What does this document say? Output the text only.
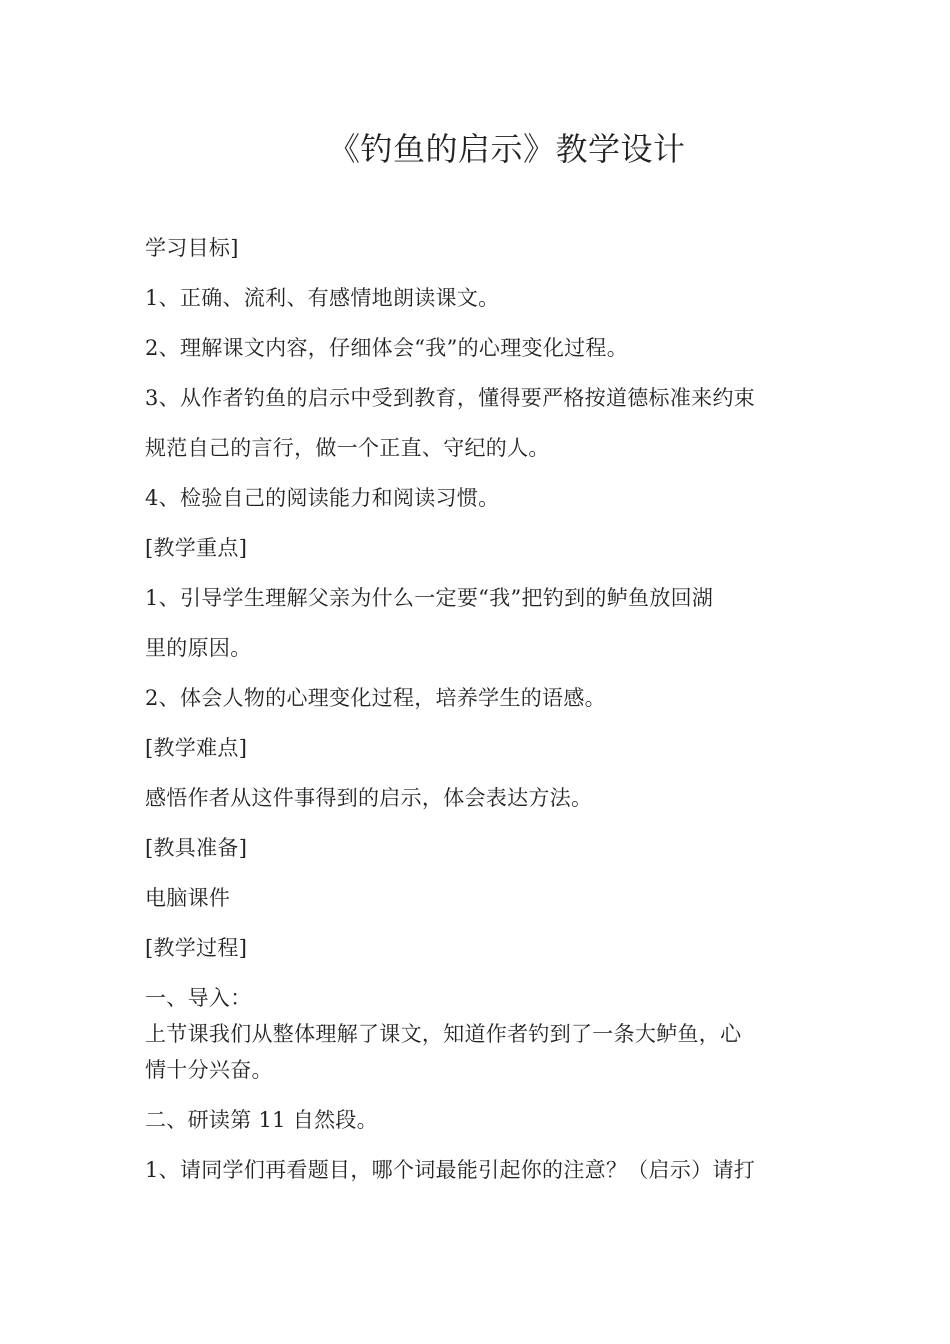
《钓鱼的启示》教学设计
学习目标]
1、正确、流利、有感情地朗读课文。
2、理解课文内容，仔细体会“我”的心理变化过程。
3、从作者钓鱼的启示中受到教育，懂得要严格按道德标准来约束
规范自己的言行，做一个正直、守纪的人。
4、检验自己的阅读能力和阅读习惯。
[教学重点]
1、引导学生理解父亲为什么一定要“我”把钓到的鲈鱼放回湖
里的原因。
2、体会人物的心理变化过程，培养学生的语感。
[教学难点]
感悟作者从这件事得到的启示，体会表达方法。
[教具准备]
电脑课件
[教学过程]
一、导入：
上节课我们从整体理解了课文，知道作者钓到了一条大鲈鱼，心
情十分兴奋。
二、研读第 11 自然段。
1、请同学们再看题目，哪个词最能引起你的注意？（启示）请打
